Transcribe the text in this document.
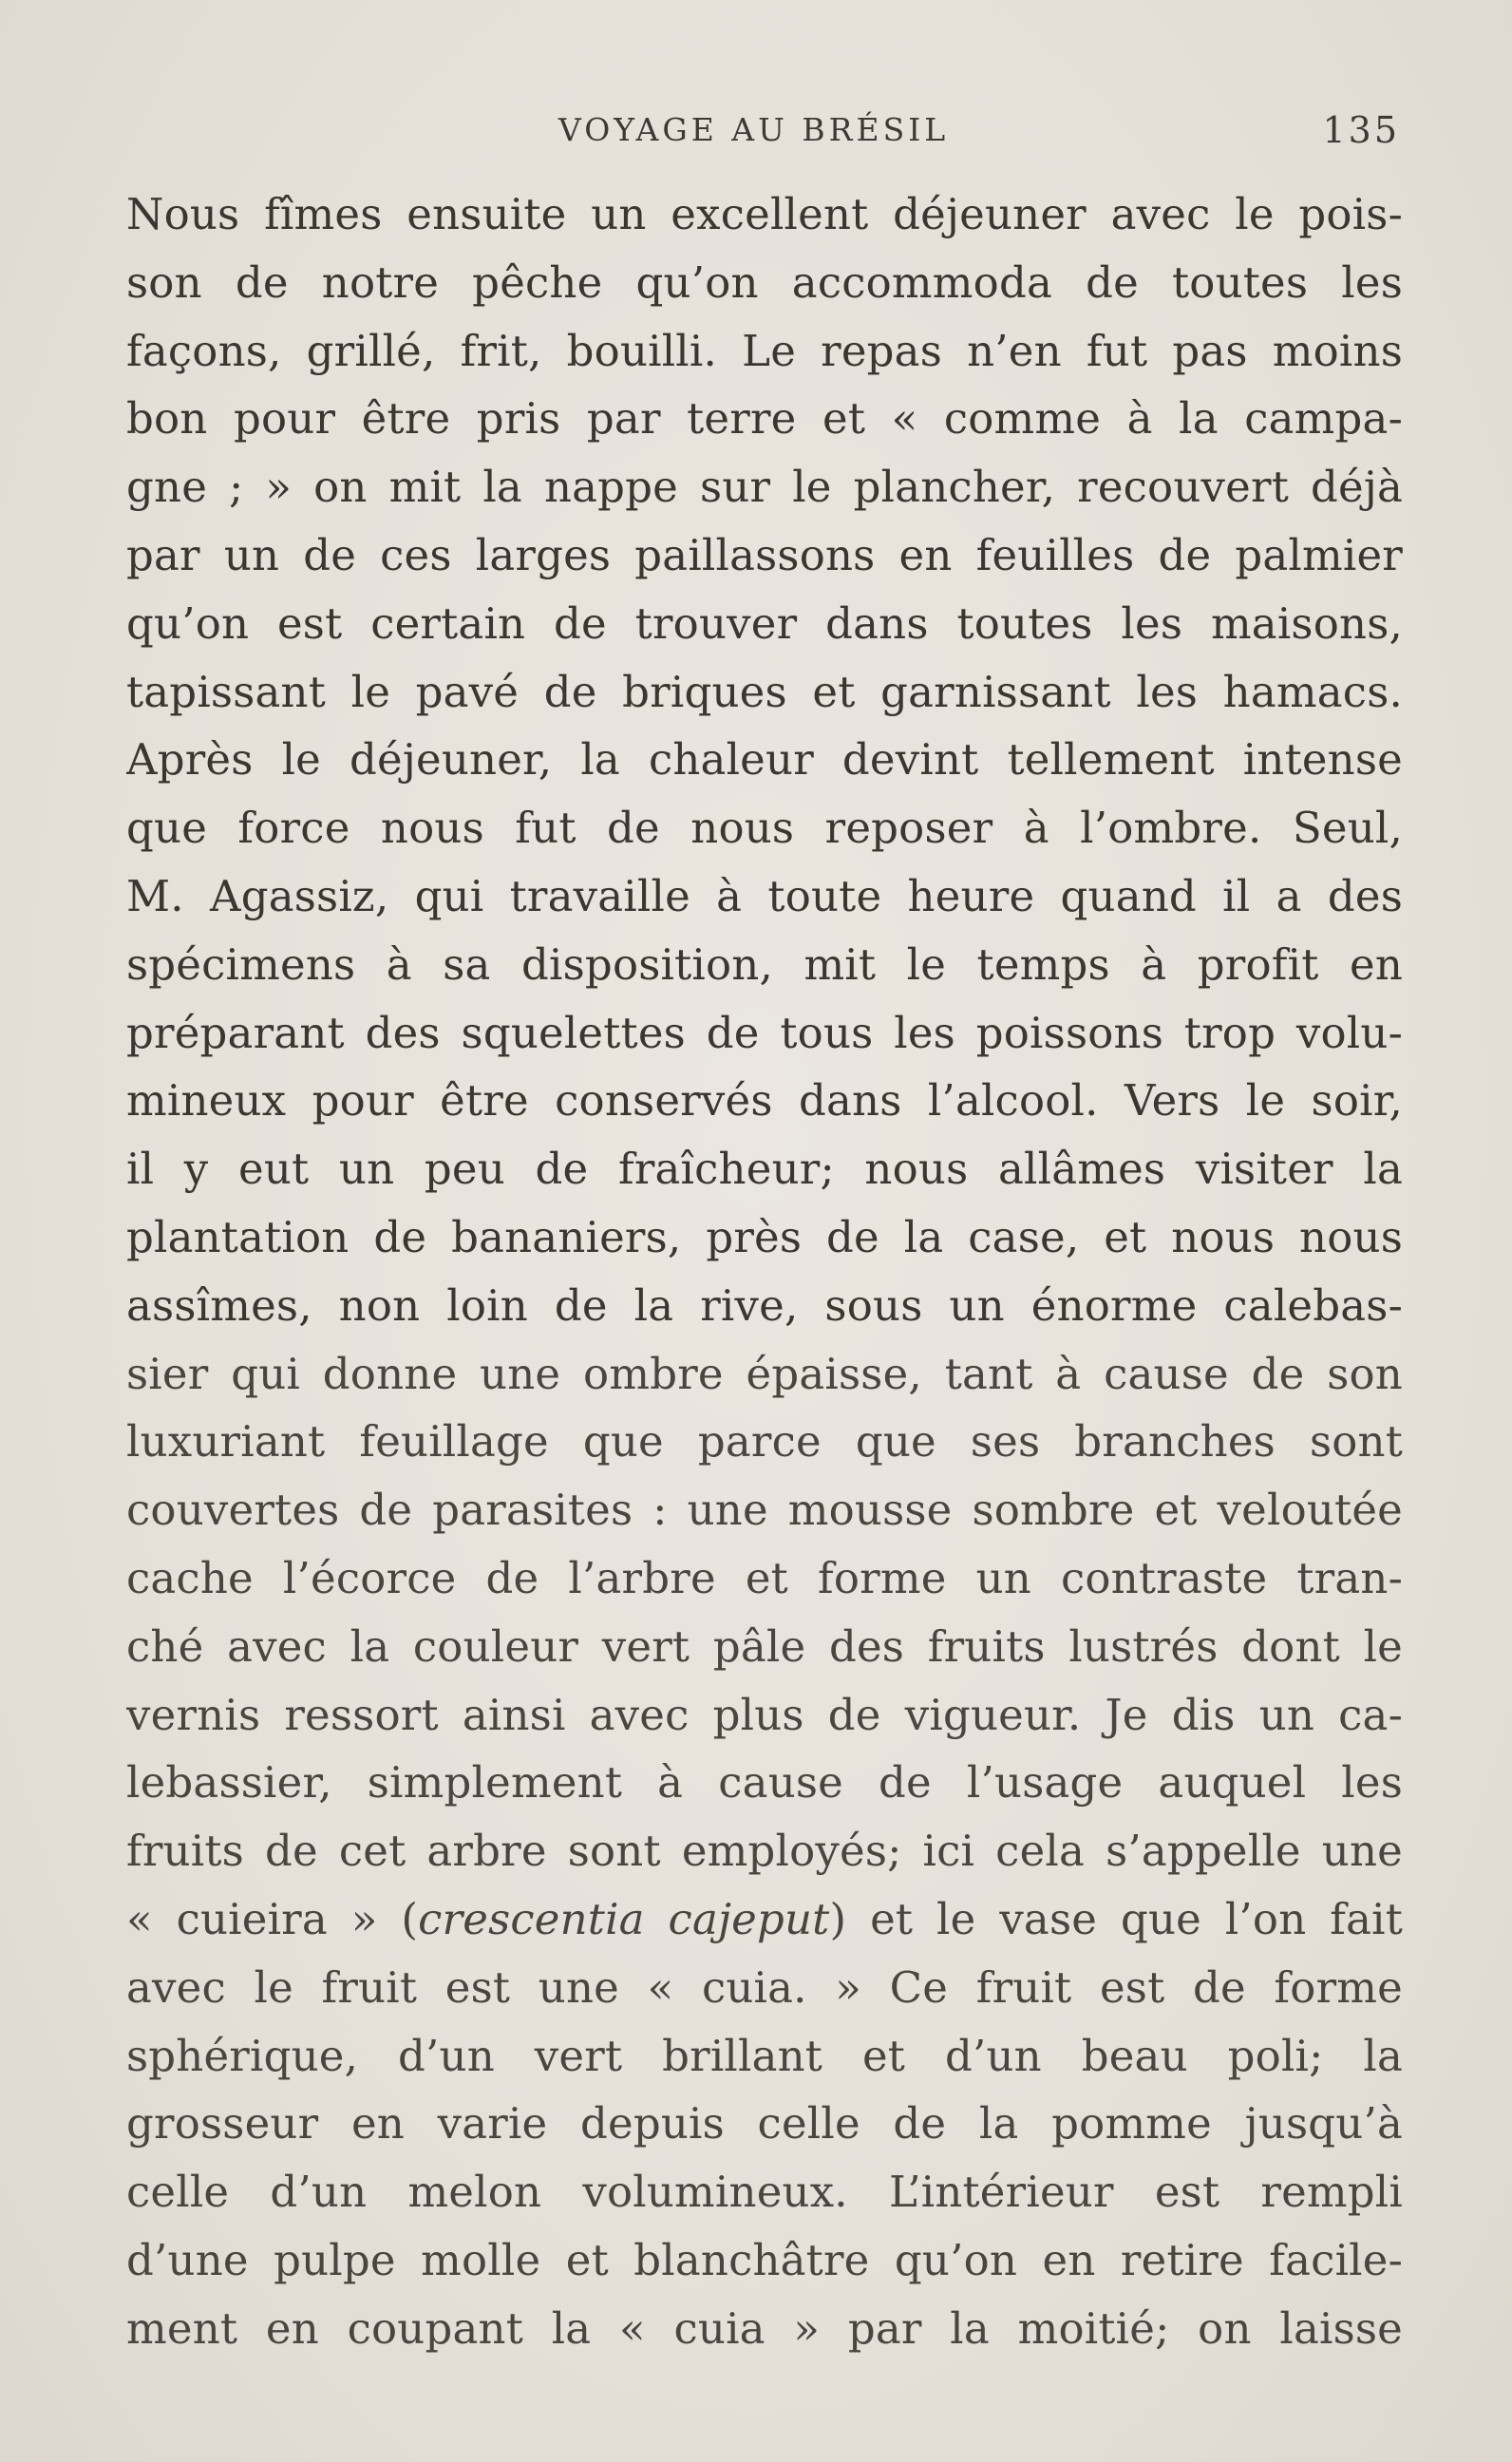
VOYAGE AU BRÉSIL	135
Nous fîmes ensuite un excellent déjeuner avec le pois-
son de notre pêche qu’on accommoda de toutes les
façons, grillé, frit, bouilli. Le repas n’en fut pas moins
bon pour être pris par terre et « comme à la campa-
gne ; » on mit la nappe sur le plancher, recouvert déjà
par un de ces larges paillassons en feuilles de palmier
qu’on est certain de trouver dans toutes les maisons,
tapissant le pavé de briques et garnissant les hamacs.
Après le déjeuner, la chaleur devint tellement intense
que force nous fut de nous reposer à l’ombre. Seul,
M. Agassiz, qui travaille à toute heure quand il a des
spécimens à sa disposition, mit le temps à profit en
préparant des squelettes de tous les poissons trop volu-
mineux pour être conservés dans l’alcool. Vers le soir,
il y eut un peu de fraîcheur; nous allâmes visiter la
plantation de bananiers, près de la case, et nous nous
assîmes, non loin de la rive, sous un énorme calebas-
sier qui donne une ombre épaisse, tant à cause de son
luxuriant feuillage que parce que ses branches sont
couvertes de parasites : une mousse sombre et veloutée
cache l’écorce de l’arbre et forme un contraste tran-
ché avec la couleur vert pâle des fruits lustrés dont le
vernis ressort ainsi avec plus de vigueur. Je dis un ca-
lebassier, simplement à cause de l’usage auquel les
fruits de cet arbre sont employés; ici cela s’appelle une
« cuieira » (crescentia cajeput) et le vase que l’on fait
avec le fruit est une « cuia. » Ce fruit est de forme
sphérique, d’un vert brillant et d’un beau poli; la
grosseur en varie depuis celle de la pomme jusqu’à
celle d’un melon volumineux. L’intérieur est rempli
d’une pulpe molle et blanchâtre qu’on en retire facile-
ment en coupant la « cuia » par la moitié; on laisse
